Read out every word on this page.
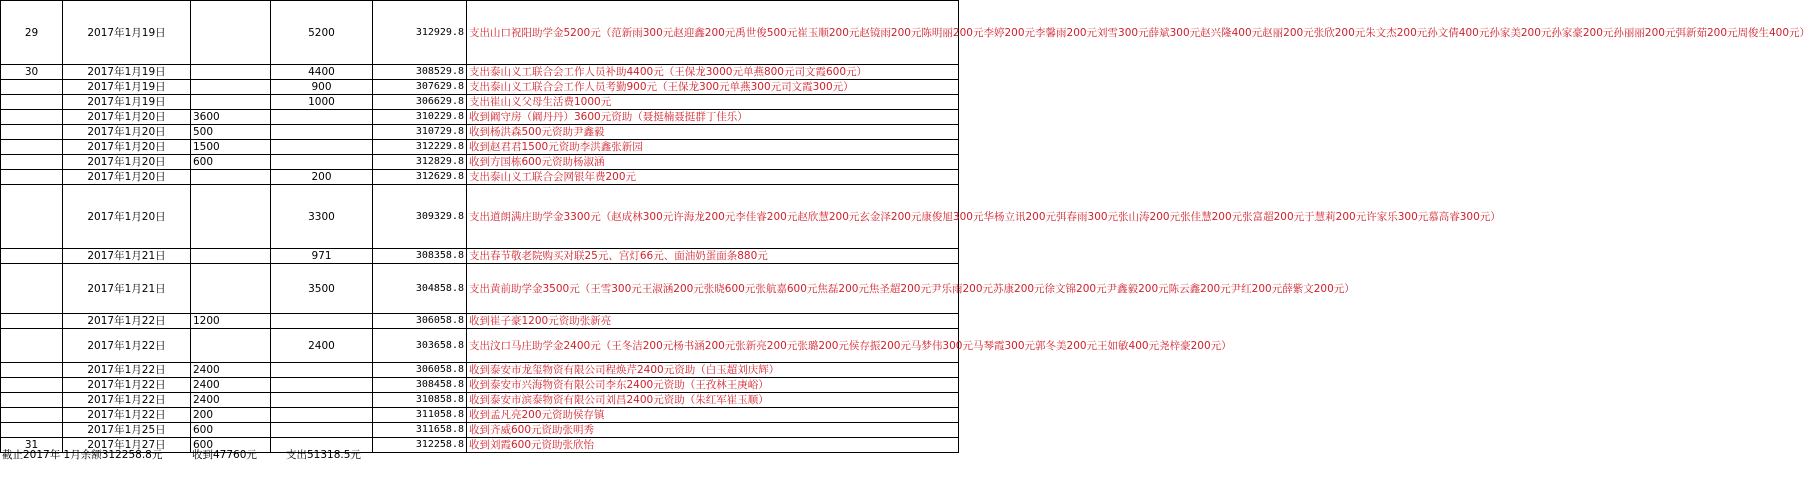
29	2017年1月19日		5200	312929.8	支出山口祝阳助学金5200元（范新雨300元赵迎鑫200元禹世俊500元崔玉顺200元赵镜雨200元陈明丽200元李婷200元李馨雨200元刘雪300元薛斌300元赵兴隆400元赵丽200元张欣200元朱文杰200元孙文倩400元孙家美200元孙家豪200元孙丽丽200元弭新茹200元周俊生400元）
30	2017年1月19日		4400	308529.8	支出泰山义工联合会工作人员补助4400元（王保龙3000元单燕800元司文霞600元）
	2017年1月19日		900	307629.8	支出泰山义工联合会工作人员考勤900元（王保龙300元单燕300元司文霞300元）
	2017年1月19日		1000	306629.8	支出崔山义父母生活费1000元
	2017年1月20日	3600		310229.8	收到阚守房（阚丹丹）3600元资助（聂挺楠聂挺群丁佳乐）
	2017年1月20日	500		310729.8	收到杨洪森500元资助尹鑫毅
	2017年1月20日	1500		312229.8	收到赵君君1500元资助李洪鑫张新园
	2017年1月20日	600		312829.8	收到方国栋600元资助杨淑涵
	2017年1月20日		200	312629.8	支出泰山义工联合会网银年费200元
	2017年1月20日		3300	309329.8	支出道朗满庄助学金3300元（赵成林300元许海龙200元李佳睿200元赵欣慧200元玄金泽200元康俊旭300元华杨立讯200元弭春雨300元张山涛200元张佳慧200元张富超200元于慧莉200元许家乐300元慕高睿300元）
	2017年1月21日		971	308358.8	支出春节敬老院购买对联25元、宫灯66元、面油奶蛋面条880元
	2017年1月21日		3500	304858.8	支出黄前助学金3500元（王雪300元王淑涵200元张晓600元张航嘉600元焦磊200元焦圣超200元尹乐雨200元苏康200元徐文锦200元尹鑫毅200元陈云鑫200元尹红200元薛紫文200元）
	2017年1月22日	1200		306058.8	收到崔子豪1200元资助张新亮
	2017年1月22日		2400	303658.8	支出汶口马庄助学金2400元（王冬洁200元杨书涵200元张新亮200元张璐200元侯存振200元马梦伟300元马琴霞300元郭冬美200元王如敏400元尧梓豪200元）
	2017年1月22日	2400		306058.8	收到泰安市龙玺物资有限公司程焕芹2400元资助（白玉超刘庆辉）
	2017年1月22日	2400		308458.8	收到泰安市兴海物资有限公司李东2400元资助（王孜林王庚峪）
	2017年1月22日	2400		310858.8	收到泰安市滨泰物资有限公司刘昌2400元资助（朱红军崔玉顺）
	2017年1月22日	200		311058.8	收到孟凡亮200元资助侯存镇
	2017年1月25日	600		311658.8	收到齐威600元资助张明秀
31	2017年1月27日	600		312258.8	收到刘霞600元资助张欣怡
截止2017年 1月余额312258.8元	收到47760元	支出51318.5元
